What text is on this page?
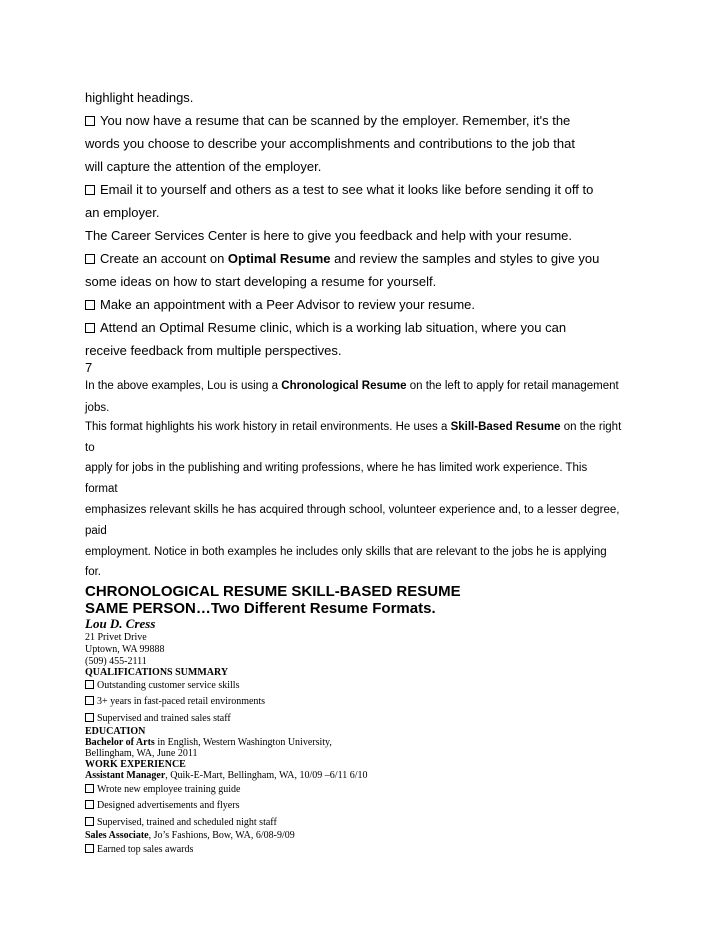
highlight headings.
You now have a resume that can be scanned by the employer. Remember, it's the
words you choose to describe your accomplishments and contributions to the job that
will capture the attention of the employer.
Email it to yourself and others as a test to see what it looks like before sending it off to
an employer.
The Career Services Center is here to give you feedback and help with your resume.
Create an account on Optimal Resume and review the samples and styles to give you
some ideas on how to start developing a resume for yourself.
Make an appointment with a Peer Advisor to review your resume.
Attend an Optimal Resume clinic, which is a working lab situation, where you can
receive feedback from multiple perspectives.
7
In the above examples, Lou is using a Chronological Resume on the left to apply for retail management
jobs.
This format highlights his work history in retail environments. He uses a Skill-Based Resume on the right
to
apply for jobs in the publishing and writing professions, where he has limited work experience. This
format
emphasizes relevant skills he has acquired through school, volunteer experience and, to a lesser degree,
paid
employment. Notice in both examples he includes only skills that are relevant to the jobs he is applying
for.
CHRONOLOGICAL RESUME SKILL-BASED RESUME
SAME PERSON…Two Different Resume Formats.
Lou D. Cress
21 Privet Drive
Uptown, WA 99888
(509) 455-2111
QUALIFICATIONS SUMMARY
Outstanding customer service skills
3+ years in fast-paced retail environments
Supervised and trained sales staff
EDUCATION
Bachelor of Arts in English, Western Washington University,
Bellingham, WA, June 2011
WORK EXPERIENCE
Assistant Manager, Quik-E-Mart, Bellingham, WA, 10/09 –6/11 6/10
Wrote new employee training guide
Designed advertisements and flyers
Supervised, trained and scheduled night staff
Sales Associate, Jo’s Fashions, Bow, WA, 6/08-9/09
Earned top sales awards
